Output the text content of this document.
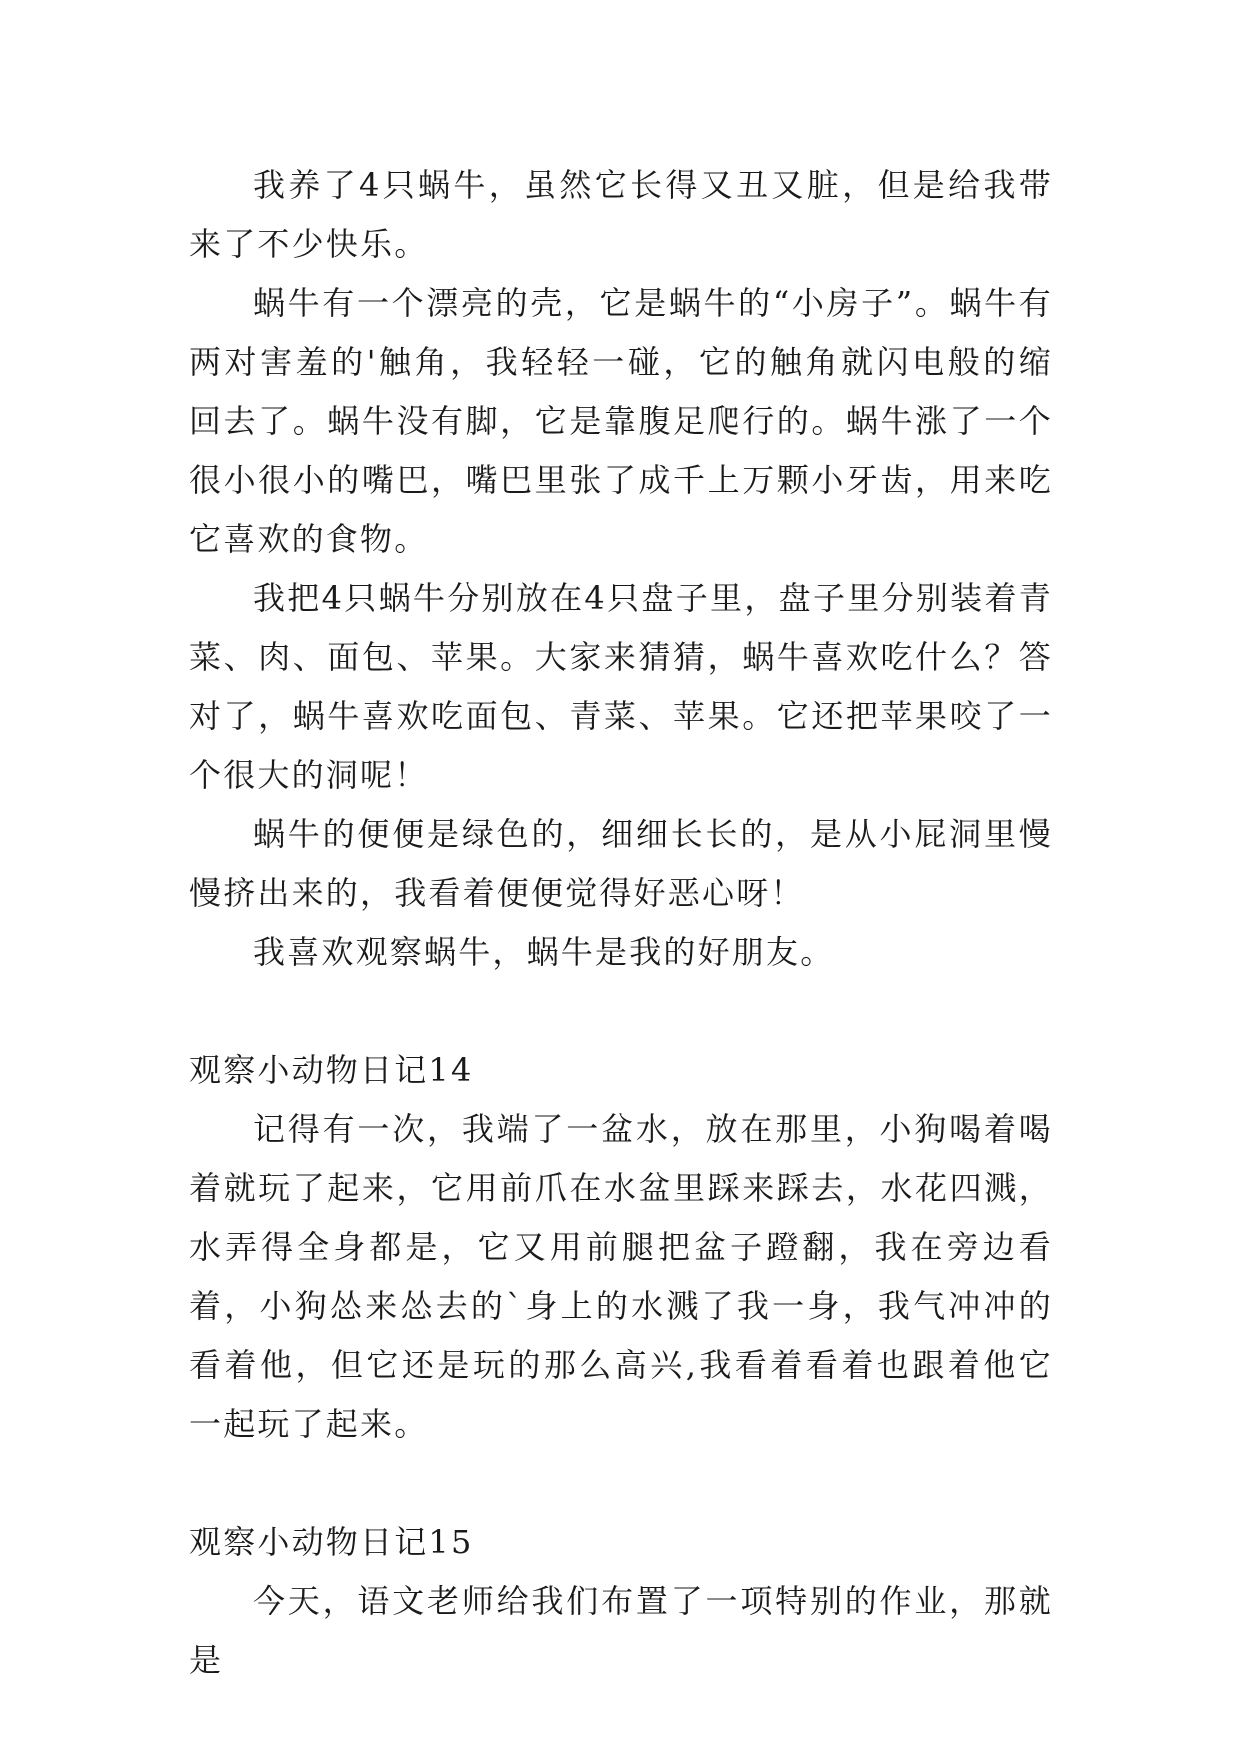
我养了4只蜗牛，虽然它长得又丑又脏，但是给我带来了不少快乐。

蜗牛有一个漂亮的壳，它是蜗牛的“小房子”。蜗牛有两对害羞的'触角，我轻轻一碰，它的触角就闪电般的缩回去了。蜗牛没有脚，它是靠腹足爬行的。蜗牛涨了一个很小很小的嘴巴，嘴巴里张了成千上万颗小牙齿，用来吃它喜欢的食物。

我把4只蜗牛分别放在4只盘子里，盘子里分别装着青菜、肉、面包、苹果。大家来猜猜，蜗牛喜欢吃什么？答对了，蜗牛喜欢吃面包、青菜、苹果。它还把苹果咬了一个很大的洞呢！

蜗牛的便便是绿色的，细细长长的，是从小屁洞里慢慢挤出来的，我看着便便觉得好恶心呀！

我喜欢观察蜗牛，蜗牛是我的好朋友。

观察小动物日记14

记得有一次，我端了一盆水，放在那里，小狗喝着喝着就玩了起来，它用前爪在水盆里踩来踩去，水花四溅，水弄得全身都是，它又用前腿把盆子蹬翻，我在旁边看着，小狗怂来怂去的`身上的水溅了我一身，我气冲冲的看着他，但它还是玩的那么高兴,我看着看着也跟着他它一起玩了起来。

观察小动物日记15

今天，语文老师给我们布置了一项特别的作业，那就是
